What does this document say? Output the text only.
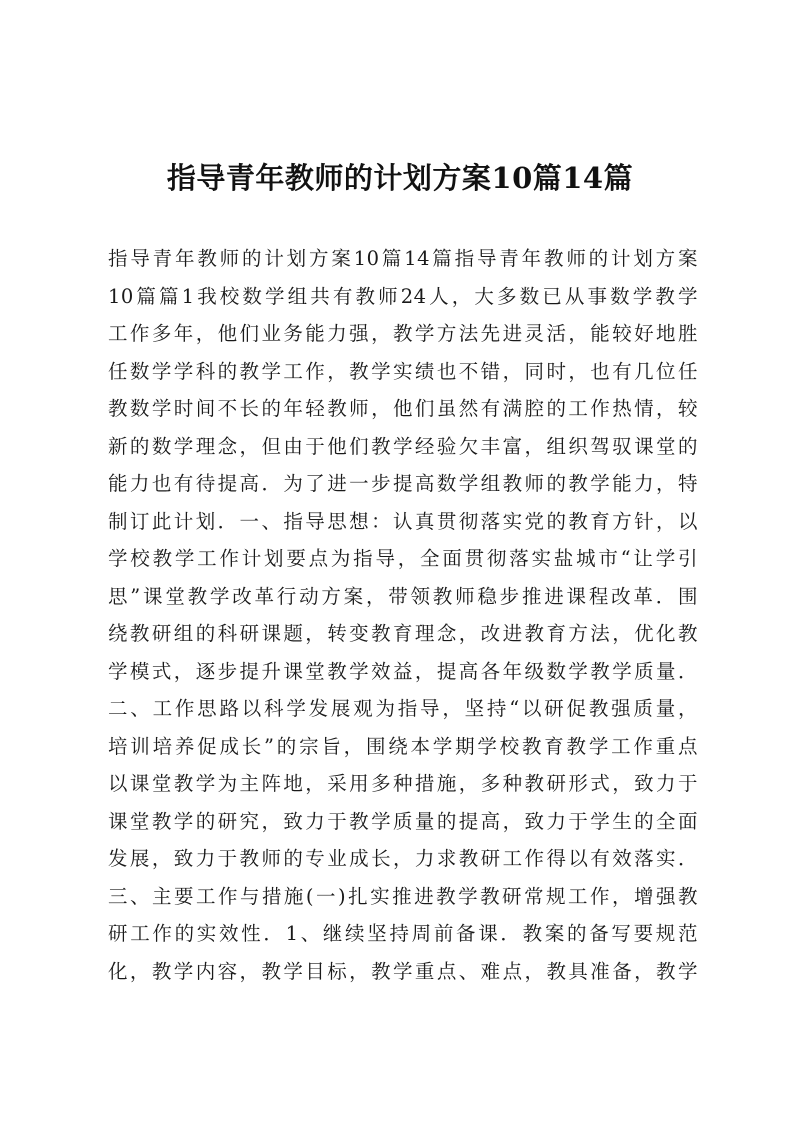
指导青年教师的计划方案10篇14篇
指导青年教师的计划方案10篇14篇指导青年教师的计划方案
10篇篇1我校数学组共有教师24人，大多数已从事数学教学
工作多年，他们业务能力强，教学方法先进灵活，能较好地胜
任数学学科的教学工作，教学实绩也不错，同时，也有几位任
教数学时间不长的年轻教师，他们虽然有满腔的工作热情，较
新的数学理念，但由于他们教学经验欠丰富，组织驾驭课堂的
能力也有待提高．为了进一步提高数学组教师的教学能力，特
制订此计划．一、指导思想：认真贯彻落实党的教育方针，以
学校教学工作计划要点为指导，全面贯彻落实盐城市“让学引
思”课堂教学改革行动方案，带领教师稳步推进课程改革．围
绕教研组的科研课题，转变教育理念，改进教育方法，优化教
学模式，逐步提升课堂教学效益，提高各年级数学教学质量．
二、工作思路以科学发展观为指导，坚持“以研促教强质量，
培训培养促成长”的宗旨，围绕本学期学校教育教学工作重点
以课堂教学为主阵地，采用多种措施，多种教研形式，致力于
课堂教学的研究，致力于教学质量的提高，致力于学生的全面
发展，致力于教师的专业成长，力求教研工作得以有效落实．
三、主要工作与措施(一)扎实推进教学教研常规工作，增强教
研工作的实效性．1、继续坚持周前备课．教案的备写要规范
化，教学内容，教学目标，教学重点、难点，教具准备，教学
